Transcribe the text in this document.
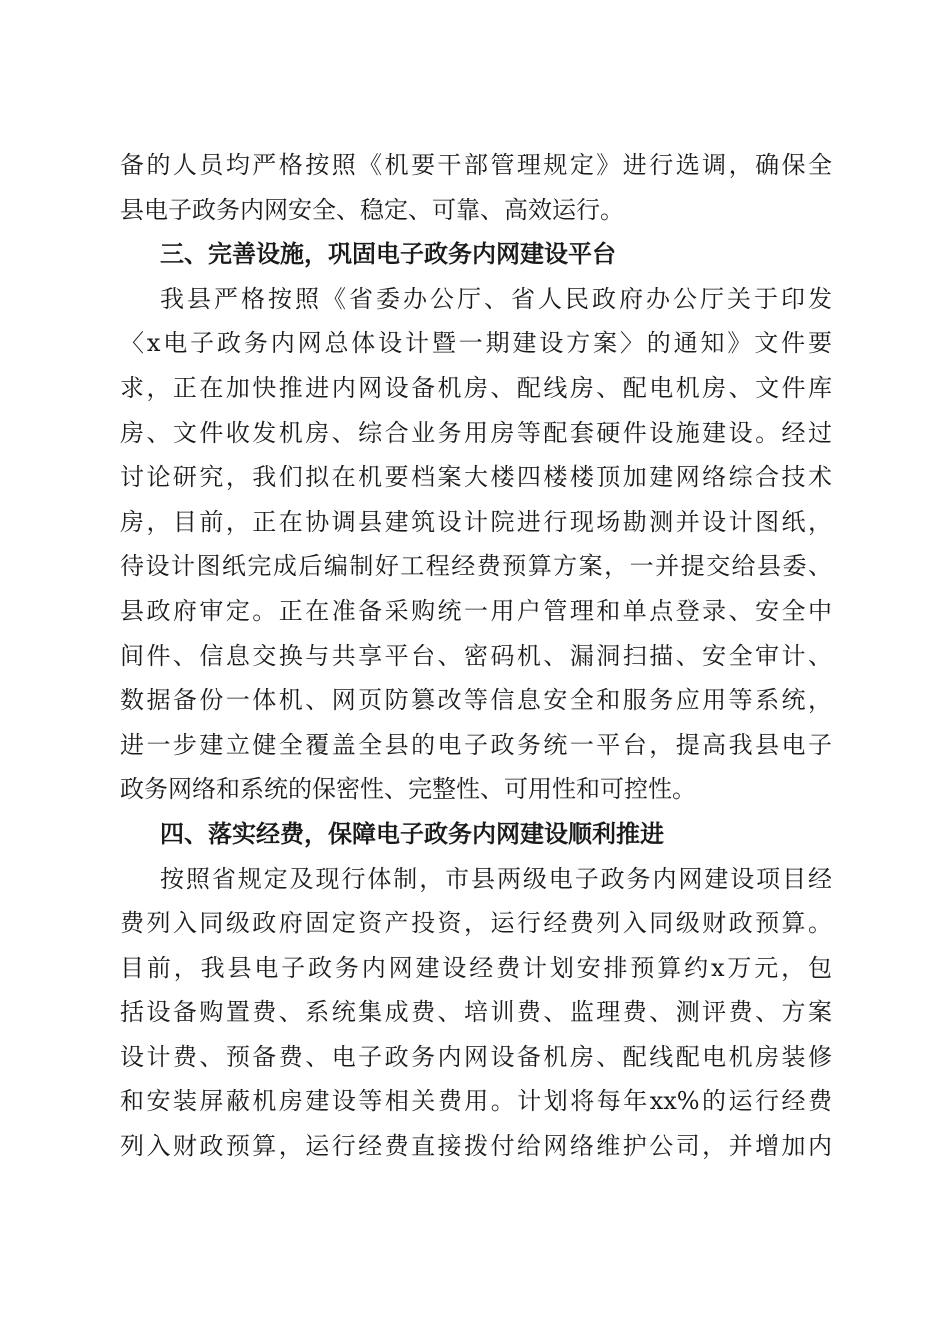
备的人员均严格按照《机要干部管理规定》进行选调，确保全
县电子政务内网安全、稳定、可靠、高效运行。
三、完善设施，巩固电子政务内网建设平台
我县严格按照《省委办公厅、省人民政府办公厅关于印发
〈x电子政务内网总体设计暨一期建设方案〉的通知》文件要
求，正在加快推进内网设备机房、配线房、配电机房、文件库
房、文件收发机房、综合业务用房等配套硬件设施建设。经过
讨论研究，我们拟在机要档案大楼四楼楼顶加建网络综合技术
房，目前，正在协调县建筑设计院进行现场勘测并设计图纸，
待设计图纸完成后编制好工程经费预算方案，一并提交给县委、
县政府审定。正在准备采购统一用户管理和单点登录、安全中
间件、信息交换与共享平台、密码机、漏洞扫描、安全审计、
数据备份一体机、网页防篡改等信息安全和服务应用等系统，
进一步建立健全覆盖全县的电子政务统一平台，提高我县电子
政务网络和系统的保密性、完整性、可用性和可控性。
四、落实经费，保障电子政务内网建设顺利推进
按照省规定及现行体制，市县两级电子政务内网建设项目经
费列入同级政府固定资产投资，运行经费列入同级财政预算。
目前，我县电子政务内网建设经费计划安排预算约x万元，包
括设备购置费、系统集成费、培训费、监理费、测评费、方案
设计费、预备费、电子政务内网设备机房、配线配电机房装修
和安装屏蔽机房建设等相关费用。计划将每年xx%的运行经费
列入财政预算，运行经费直接拨付给网络维护公司，并增加内
